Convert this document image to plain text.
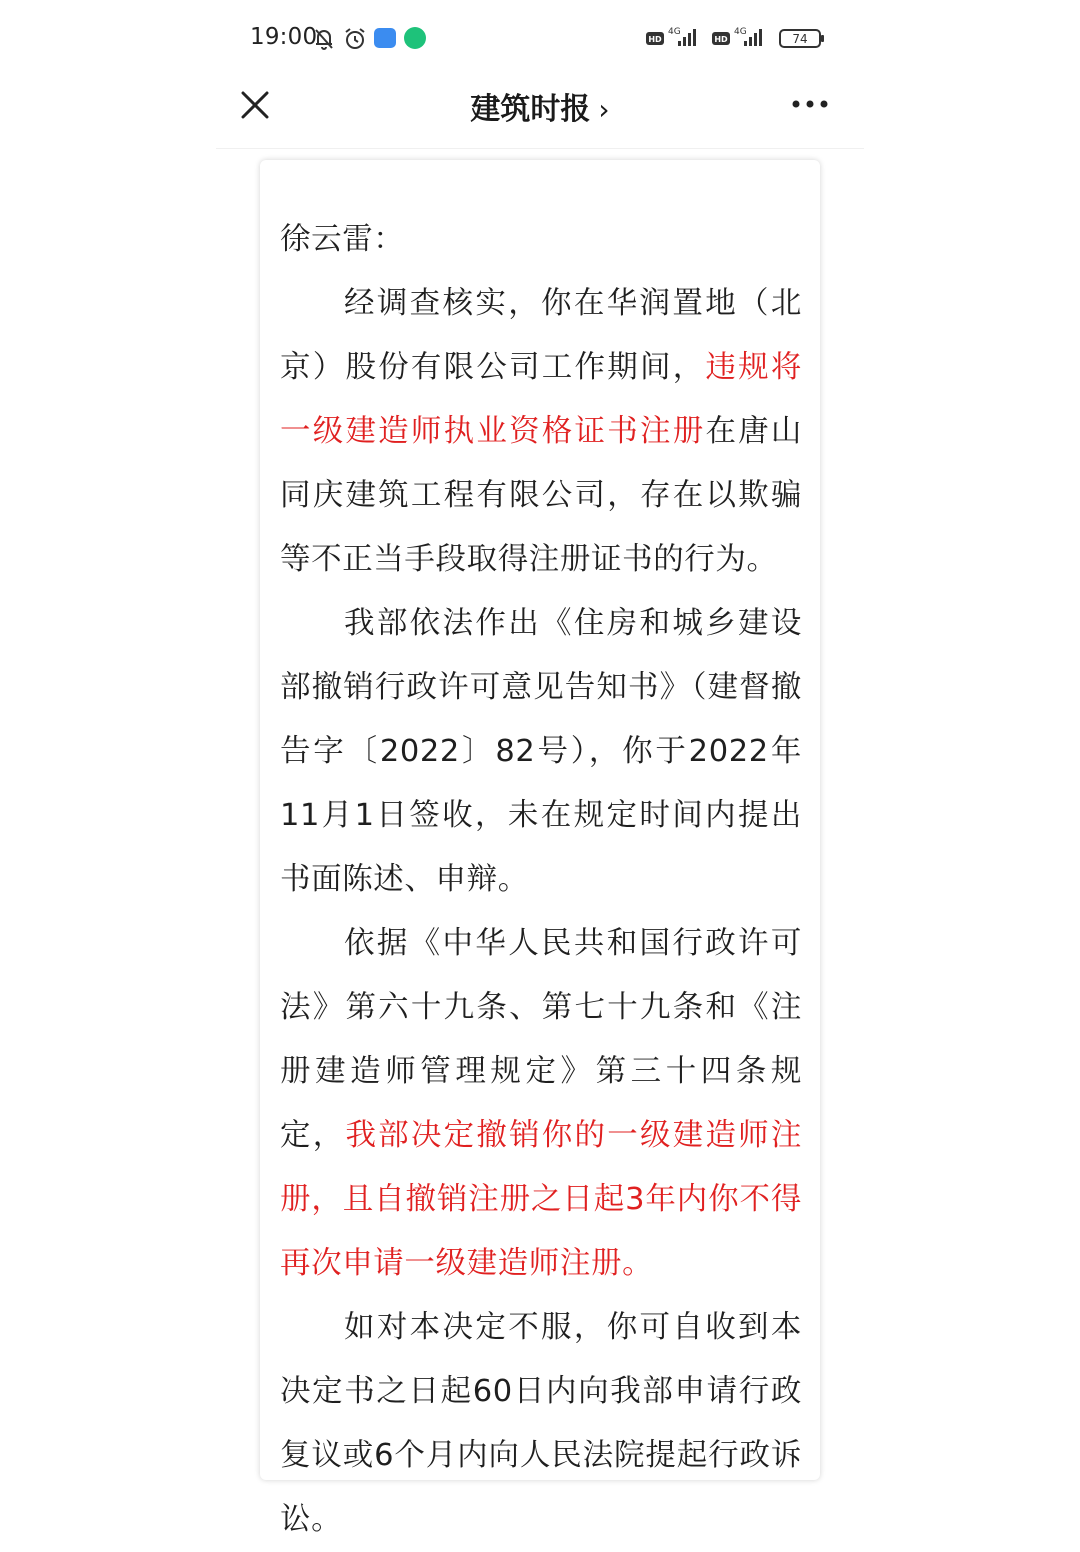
19:00	HD
4G
HD
4G	74
建筑时报 ›

徐云雷：

经调查核实，你在华润置地（北京）股份有限公司工作期间，违规将一级建造师执业资格证书注册在唐山同庆建筑工程有限公司，存在以欺骗等不正当手段取得注册证书的行为。

我部依法作出《住房和城乡建设部撤销行政许可意见告知书》（建督撤告字〔2022〕82号），你于2022年11月1日签收，未在规定时间内提出书面陈述、申辩。

依据《中华人民共和国行政许可法》第六十九条、第七十九条和《注册建造师管理规定》第三十四条规定，我部决定撤销你的一级建造师注册，且自撤销注册之日起3年内你不得再次申请一级建造师注册。

如对本决定不服，你可自收到本决定书之日起60日内向我部申请行政复议或6个月内向人民法院提起行政诉讼。
